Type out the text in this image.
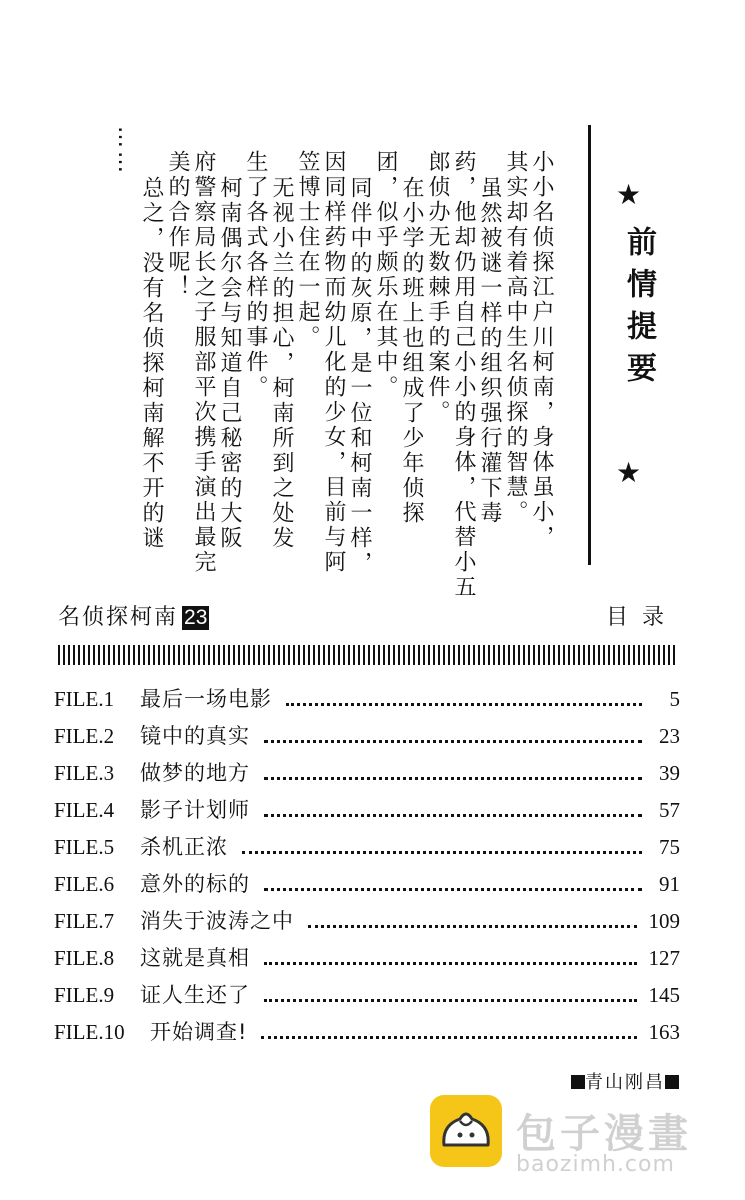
小小名侦探江户川柯南，身体虽小，
其实却有着高中生名侦探的智慧。
虽然被谜一样的组织强行灌下毒
药，他却仍用自己小小的身体，代替小五
郎侦办无数棘手的案件。
在小学的班上也组成了少年侦探
团，似乎颇乐在其中。
同伴中的灰原，是一位和柯南一样，
因同样药物而幼儿化的少女，目前与阿
笠博士住在一起。
无视小兰的担心，柯南所到之处发
生了各式各样的事件。
柯南偶尔会与知道自己秘密的大阪
府警察局长之子服部平次携手演出最完
美的合作呢！
总之，没有名侦探柯南解不开的谜
……
★
前情提要
★
名侦探柯南 23	目录
FILE.1	最后一场电影	5
FILE.2	镜中的真实	23
FILE.3	做梦的地方	39
FILE.4	影子计划师	57
FILE.5	杀机正浓	75
FILE.6	意外的标的	91
FILE.7	消失于波涛之中	109
FILE.8	这就是真相	127
FILE.9	证人生还了	145
FILE.10	开始调查!	163
青山刚昌
包子漫畫
baozimh.com
